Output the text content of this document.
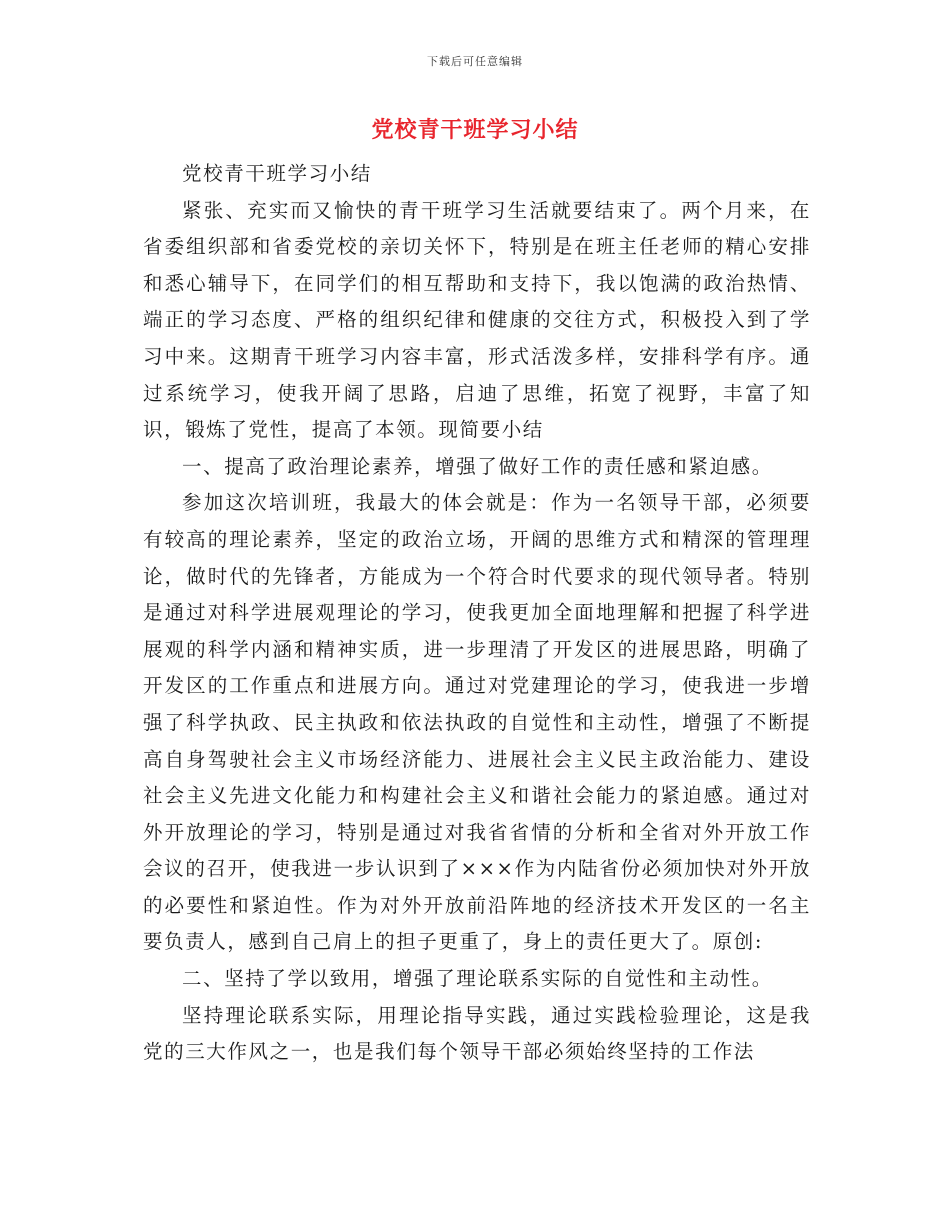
下载后可任意编辑
党校青干班学习小结

党校青干班学习小结

紧张、充实而又愉快的青干班学习生活就要结束了。两个月来，在省委组织部和省委党校的亲切关怀下，特别是在班主任老师的精心安排和悉心辅导下，在同学们的相互帮助和支持下，我以饱满的政治热情、端正的学习态度、严格的组织纪律和健康的交往方式，积极投入到了学习中来。这期青干班学习内容丰富，形式活泼多样，安排科学有序。通过系统学习，使我开阔了思路，启迪了思维，拓宽了视野，丰富了知识，锻炼了党性，提高了本领。现简要小结

一、提高了政治理论素养，增强了做好工作的责任感和紧迫感。

参加这次培训班，我最大的体会就是：作为一名领导干部，必须要有较高的理论素养，坚定的政治立场，开阔的思维方式和精深的管理理论，做时代的先锋者，方能成为一个符合时代要求的现代领导者。特别是通过对科学进展观理论的学习，使我更加全面地理解和把握了科学进展观的科学内涵和精神实质，进一步理清了开发区的进展思路，明确了开发区的工作重点和进展方向。通过对党建理论的学习，使我进一步增强了科学执政、民主执政和依法执政的自觉性和主动性，增强了不断提高自身驾驶社会主义市场经济能力、进展社会主义民主政治能力、建设社会主义先进文化能力和构建社会主义和谐社会能力的紧迫感。通过对外开放理论的学习，特别是通过对我省省情的分析和全省对外开放工作会议的召开，使我进一步认识到了×××作为内陆省份必须加快对外开放的必要性和紧迫性。作为对外开放前沿阵地的经济技术开发区的一名主要负责人，感到自己肩上的担子更重了，身上的责任更大了。原创:

二、坚持了学以致用，增强了理论联系实际的自觉性和主动性。

坚持理论联系实际，用理论指导实践，通过实践检验理论，这是我党的三大作风之一，也是我们每个领导干部必须始终坚持的工作法
